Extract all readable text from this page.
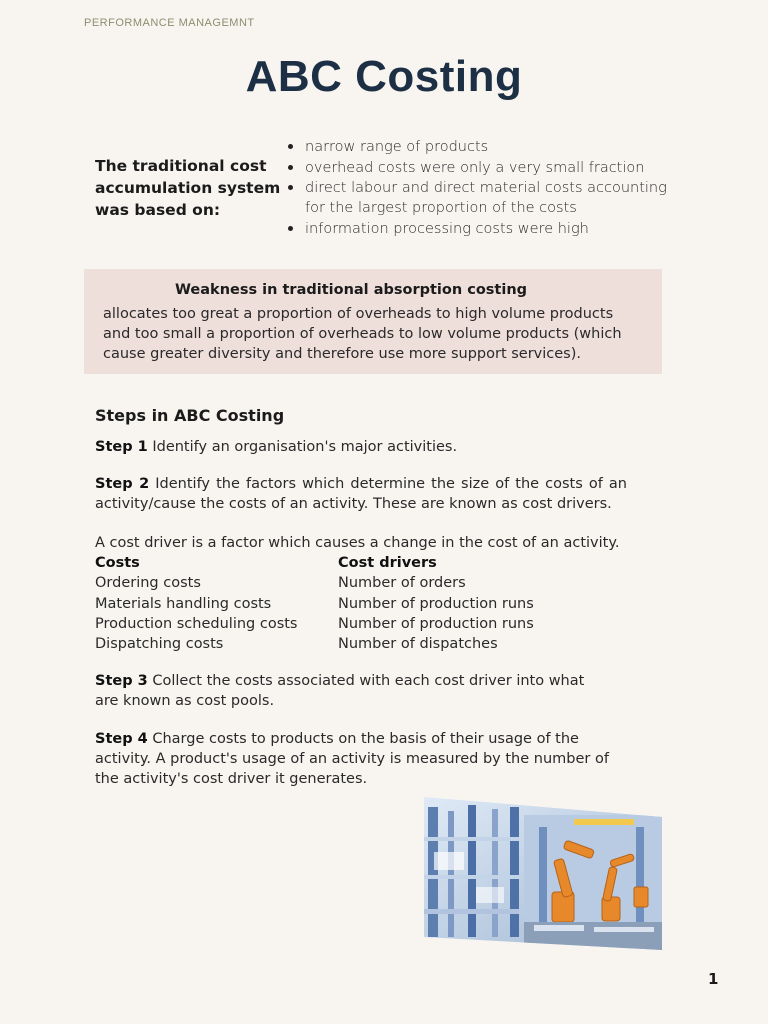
PERFORMANCE MANAGEMNT
ABC Costing
The traditional cost accumulation system was based on:
narrow range of products
overhead costs were only a very small fraction
direct labour and direct material costs accounting for the largest proportion of the costs
information processing costs were high
Weakness in traditional absorption costing
allocates too great a proportion of overheads to high volume products and too small a proportion of overheads to low volume products (which cause greater diversity and therefore use more support services).
Steps in ABC Costing
Step 1 Identify an organisation's major activities.
Step 2 Identify the factors which determine the size of the costs of an activity/cause the costs of an activity. These are known as cost drivers.
A cost driver is a factor which causes a change in the cost of an activity.
Costs	Cost drivers
Ordering costs	Number of orders
Materials handling costs	Number of production runs
Production scheduling costs	Number of production runs
Dispatching costs	Number of dispatches
Step 3 Collect the costs associated with each cost driver into what are known as cost pools.
Step 4 Charge costs to products on the basis of their usage of the activity. A product's usage of an activity is measured by the number of the activity's cost driver it generates.
1
